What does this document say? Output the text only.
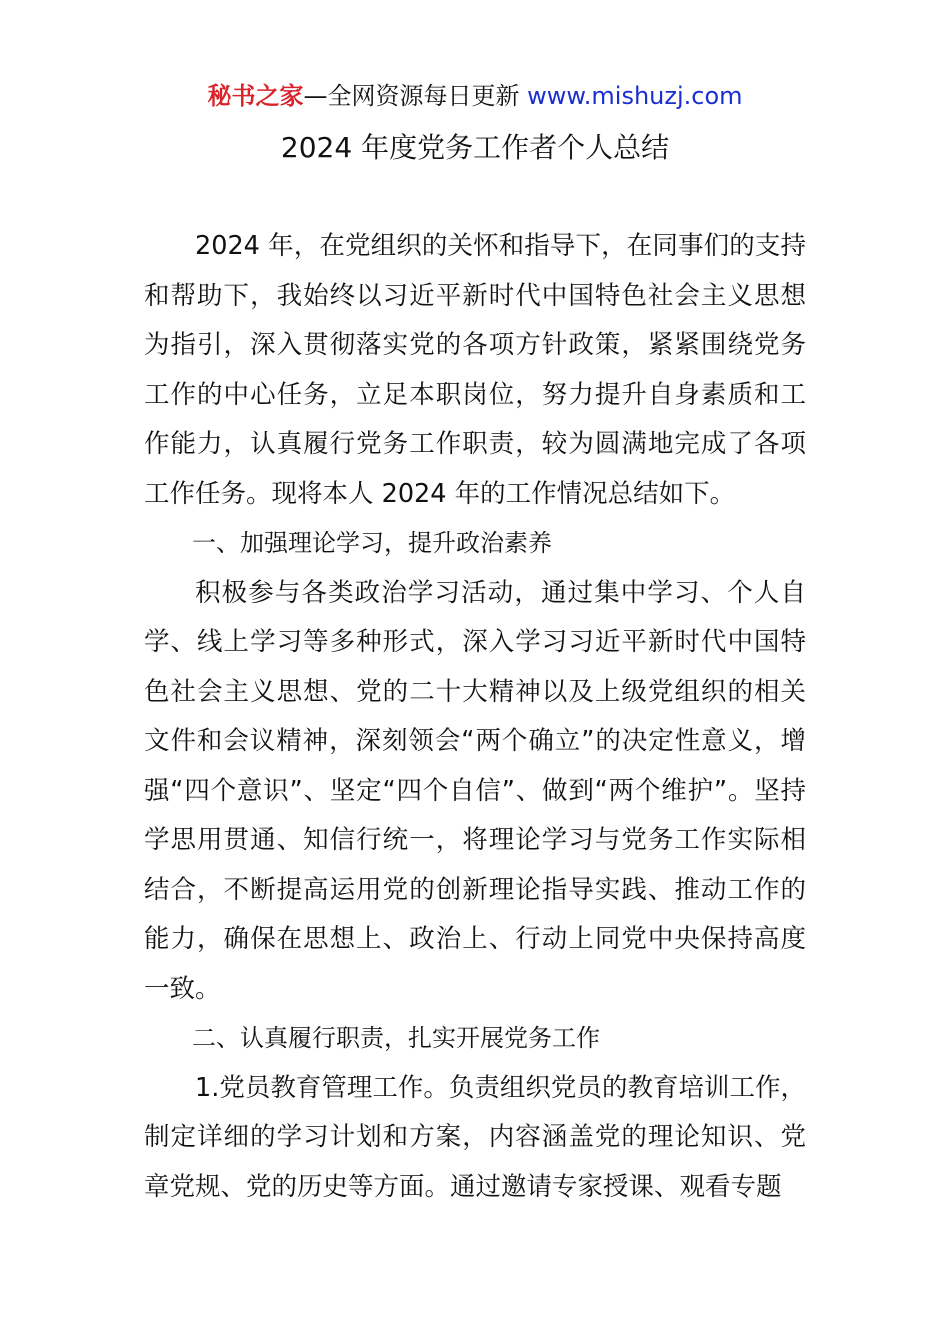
秘书之家—全网资源每日更新 www.mishuzj.com
2024 年度党务工作者个人总结

2024 年，在党组织的关怀和指导下，在同事们的支持和帮助下，我始终以习近平新时代中国特色社会主义思想为指引，深入贯彻落实党的各项方针政策，紧紧围绕党务工作的中心任务，立足本职岗位，努力提升自身素质和工作能力，认真履行党务工作职责，较为圆满地完成了各项工作任务。现将本人 2024 年的工作情况总结如下。

一、加强理论学习，提升政治素养

积极参与各类政治学习活动，通过集中学习、个人自学、线上学习等多种形式，深入学习习近平新时代中国特色社会主义思想、党的二十大精神以及上级党组织的相关文件和会议精神，深刻领会“两个确立”的决定性意义，增强“四个意识”、坚定“四个自信”、做到“两个维护”。坚持学思用贯通、知信行统一，将理论学习与党务工作实际相结合，不断提高运用党的创新理论指导实践、推动工作的能力，确保在思想上、政治上、行动上同党中央保持高度一致。

二、认真履行职责，扎实开展党务工作

1.党员教育管理工作。负责组织党员的教育培训工作，制定详细的学习计划和方案，内容涵盖党的理论知识、党章党规、党的历史等方面。通过邀请专家授课、观看专题
